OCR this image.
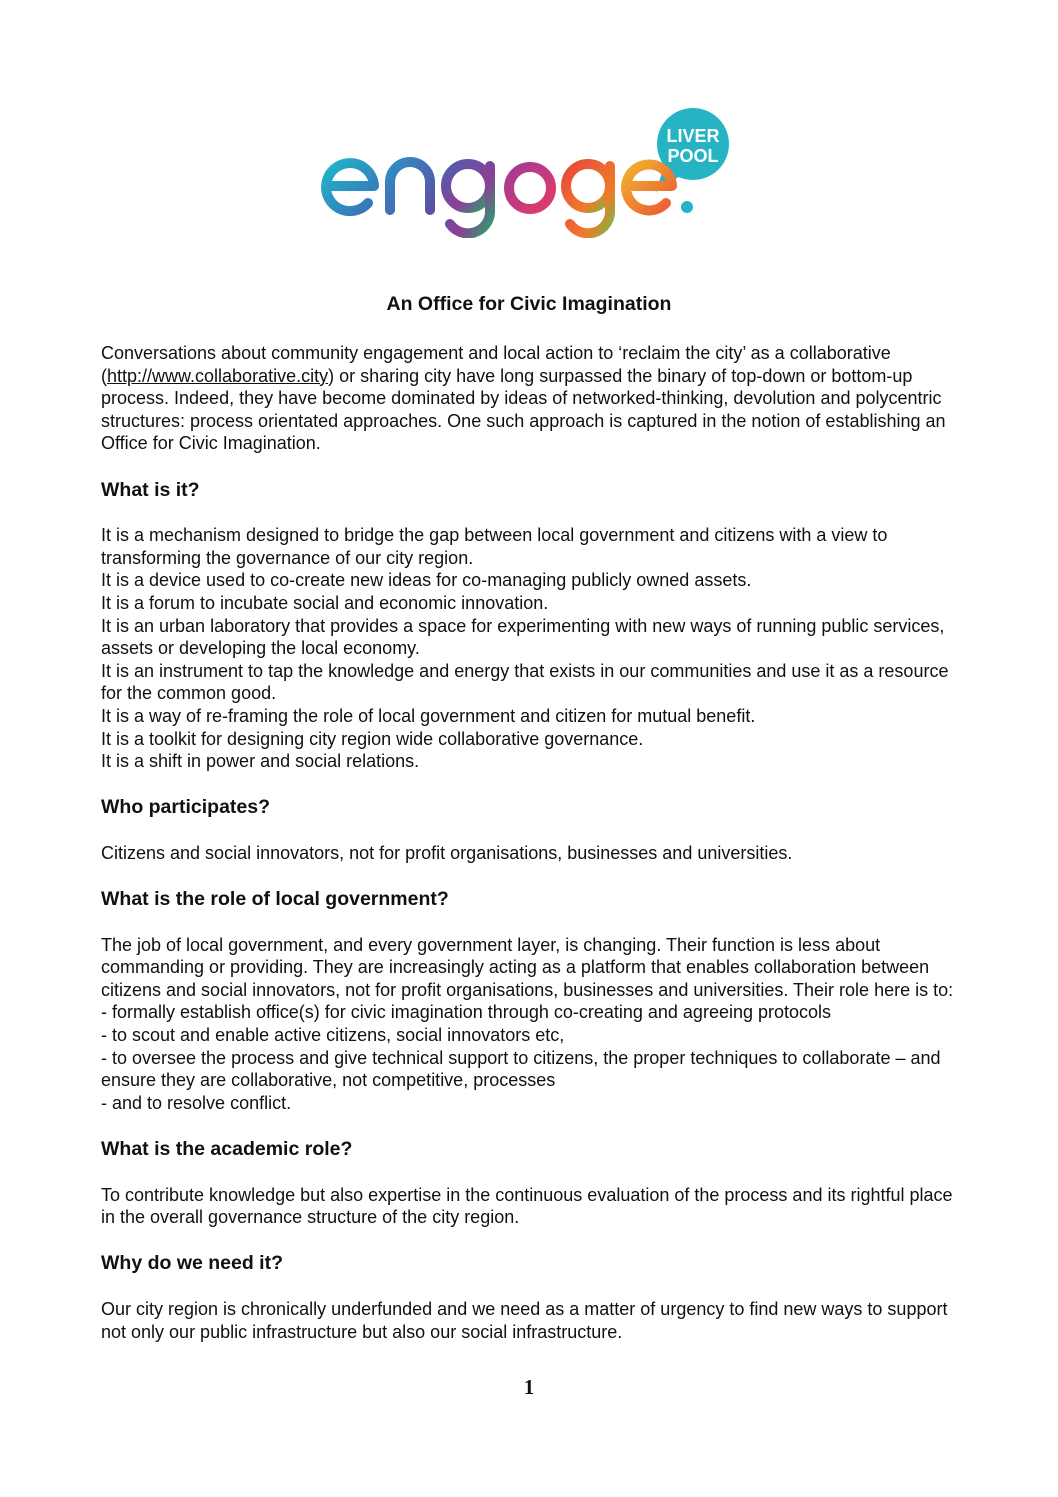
LIVER
POOL
An Office for Civic Imagination

Conversations about community engagement and local action to ‘reclaim the city’ as a collaborative (http://www.collaborative.city) or sharing city have long surpassed the binary of top-down or bottom-up process. Indeed, they have become dominated by ideas of networked-thinking, devolution and polycentric structures: process orientated approaches. One such approach is captured in the notion of establishing an Office for Civic Imagination.

What is it?

It is a mechanism designed to bridge the gap between local government and citizens with a view to transforming the governance of our city region.

It is a device used to co-create new ideas for co-managing publicly owned assets.

It is a forum to incubate social and economic innovation.

It is an urban laboratory that provides a space for experimenting with new ways of running public services, assets or developing the local economy.

It is an instrument to tap the knowledge and energy that exists in our communities and use it as a resource for the common good.

It is a way of re-framing the role of local government and citizen for mutual benefit.

It is a toolkit for designing city region wide collaborative governance.

It is a shift in power and social relations.

Who participates?

Citizens and social innovators, not for profit organisations, businesses and universities.

What is the role of local government?

The job of local government, and every government layer, is changing. Their function is less about commanding or providing. They are increasingly acting as a platform that enables collaboration between citizens and social innovators, not for profit organisations, businesses and universities. Their role here is to:

- formally establish office(s) for civic imagination through co-creating and agreeing protocols

- to scout and enable active citizens, social innovators etc,

- to oversee the process and give technical support to citizens, the proper techniques to collaborate – and ensure they are collaborative, not competitive, processes

- and to resolve conflict.

What is the academic role?

To contribute knowledge but also expertise in the continuous evaluation of the process and its rightful place in the overall governance structure of the city region.

Why do we need it?

Our city region is chronically underfunded and we need as a matter of urgency to find new ways to support not only our public infrastructure but also our social infrastructure.

1
